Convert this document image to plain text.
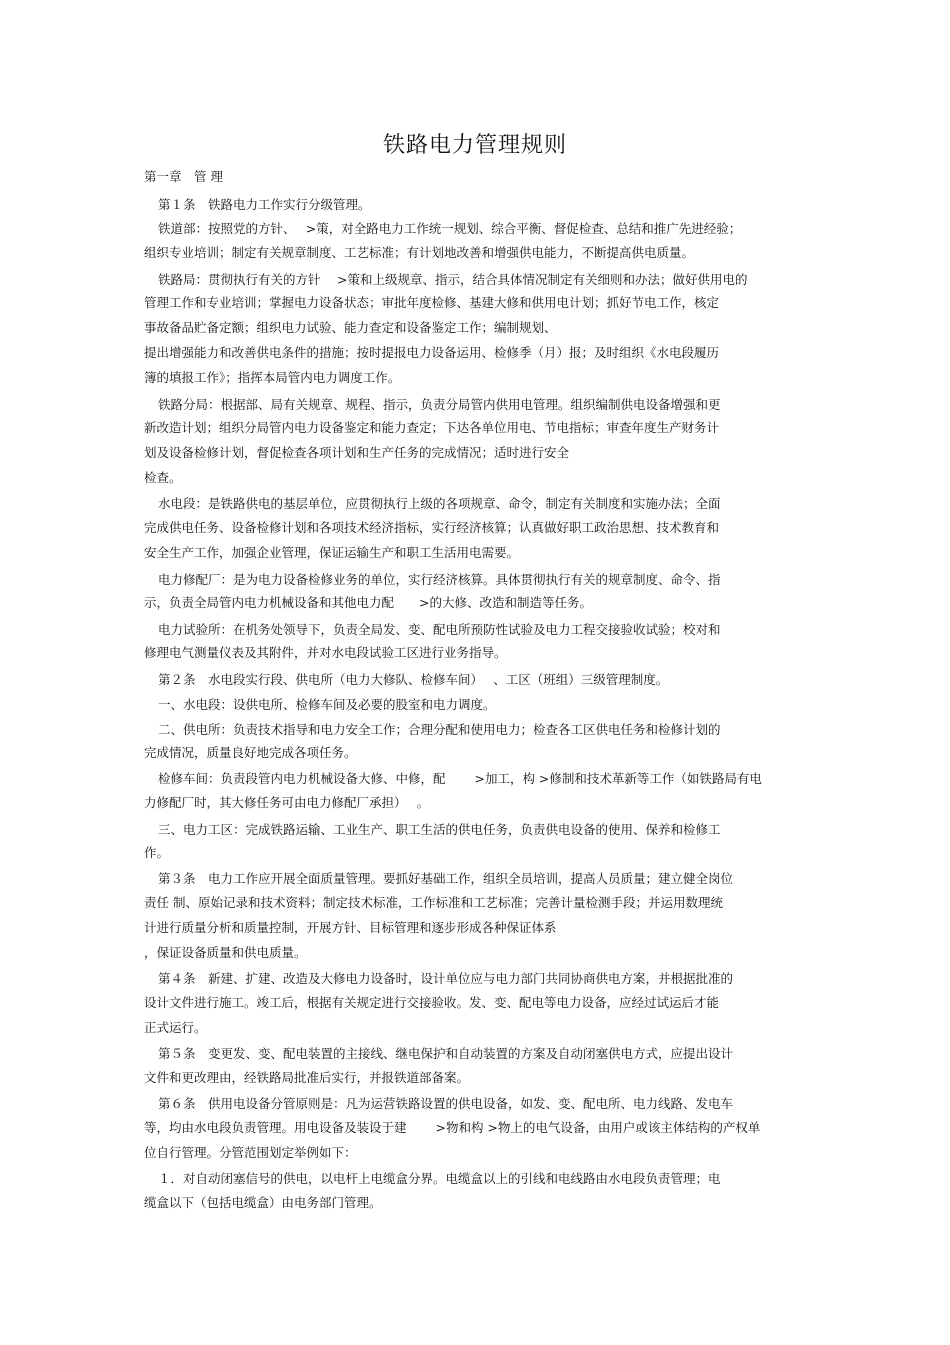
铁路电力管理规则
第一章　管 理
第１条　铁路电力工作实行分级管理。
铁道部：按照党的方针、　 >策，对全路电力工作统一规划、综合平衡、督促检查、总结和推广先进经验；
组织专业培训；制定有关规章制度、工艺标准；有计划地改善和增强供电能力，不断提高供电质量。
铁路局：贯彻执行有关的方针　 >策和上级规章、指示，结合具体情况制定有关细则和办法；做好供用电的
管理工作和专业培训；掌握电力设备状态；审批年度检修、基建大修和供用电计划；抓好节电工作，核定
事故备品贮备定额；组织电力试验、能力查定和设备鉴定工作；编制规划、
提出增强能力和改善供电条件的措施；按时提报电力设备运用、检修季（月）报；及时组织《水电段履历
簿的填报工作》；指挥本局管内电力调度工作。
铁路分局：根据部、局有关规章、规程、指示，负责分局管内供用电管理。组织编制供电设备增强和更
新改造计划；组织分局管内电力设备鉴定和能力查定；下达各单位用电、节电指标；审查年度生产财务计
划及设备检修计划，督促检查各项计划和生产任务的完成情况；适时进行安全
检查。
水电段：是铁路供电的基层单位，应贯彻执行上级的各项规章、命令，制定有关制度和实施办法；全面
完成供电任务、设备检修计划和各项技术经济指标，实行经济核算；认真做好职工政治思想、技术教育和
安全生产工作，加强企业管理，保证运输生产和职工生活用电需要。
电力修配厂：是为电力设备检修业务的单位，实行经济核算。具体贯彻执行有关的规章制度、命令、指
示，负责全局管内电力机械设备和其他电力配　　>的大修、改造和制造等任务。
电力试验所：在机务处领导下，负责全局发、变、配电所预防性试验及电力工程交接验收试验；校对和
修理电气测量仪表及其附件，并对水电段试验工区进行业务指导。
第２条　水电段实行段、供电所（电力大修队、检修车间）　 、工区（班组）三级管理制度。
一、水电段：设供电所、检修车间及必要的股室和电力调度。
二、供电所：负责技术指导和电力安全工作；合理分配和使用电力；检查各工区供电任务和检修计划的
完成情况，质量良好地完成各项任务。
检修车间：负责段管内电力机械设备大修、中修，配　　 >加工，构 >修制和技术革新等工作（如铁路局有电
力修配厂时，其大修任务可由电力修配厂承担）　 。
三、电力工区：完成铁路运输、工业生产、职工生活的供电任务，负责供电设备的使用、保养和检修工
作。
第３条　电力工作应开展全面质量管理。要抓好基础工作，组织全员培训，提高人员质量；建立健全岗位
责任 制、原始记录和技术资料；制定技术标准，工作标准和工艺标准；完善计量检测手段；并运用数理统
计进行质量分析和质量控制，开展方针、目标管理和逐步形成各种保证体系
，保证设备质量和供电质量。
第４条　新建、扩建、改造及大修电力设备时，设计单位应与电力部门共同协商供电方案，并根据批准的
设计文件进行施工。竣工后，根据有关规定进行交接验收。发、变、配电等电力设备，应经过试运后才能
正式运行。
第５条　变更发、变、配电装置的主接线、继电保护和自动装置的方案及自动闭塞供电方式，应提出设计
文件和更改理由，经铁路局批准后实行，并报铁道部备案。
第６条　供用电设备分管原则是：凡为运营铁路设置的供电设备，如发、变、配电所、电力线路、发电车
等，均由水电段负责管理。用电设备及装设于建　　 >物和构 >物上的电气设备，由用户或该主体结构的产权单
位自行管理。分管范围划定举例如下：
１．对自动闭塞信号的供电，以电杆上电缆盒分界。电缆盒以上的引线和电线路由水电段负责管理；电
缆盒以下（包括电缆盒）由电务部门管理。
